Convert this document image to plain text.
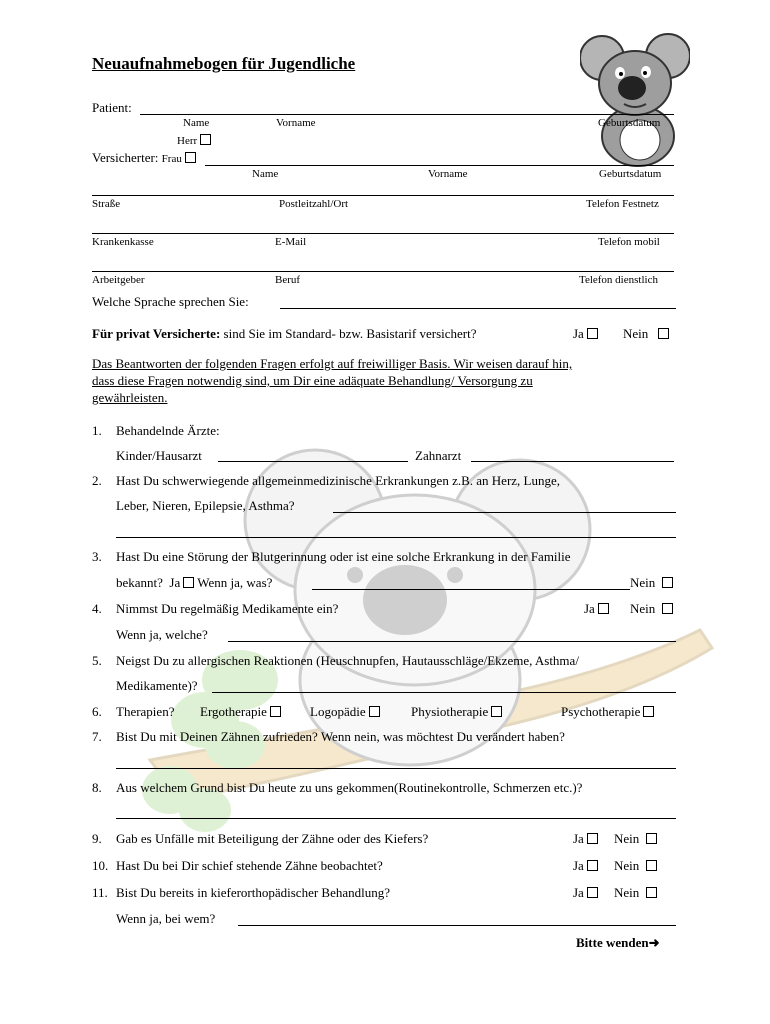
Neuaufnahmebogen für Jugendliche
Patient:
Name	Vorname	Geburtsdatum
Herr
Versicherter: Frau
Name	Vorname	Geburtsdatum
Straße	Postleitzahl/Ort	Telefon Festnetz
Krankenkasse	E-Mail	Telefon mobil
Arbeitgeber	Beruf	Telefon dienstlich
Welche Sprache sprechen Sie:
Für privat Versicherte: sind Sie im Standard- bzw. Basistarif versichert?	Ja	Nein
Das Beantworten der folgenden Fragen erfolgt auf freiwilliger Basis. Wir weisen darauf hin,
dass diese Fragen notwendig sind, um Dir eine adäquate Behandlung/ Versorgung zu
gewährleisten.
1. Behandelnde Ärzte:
Kinder/Hausarzt	Zahnarzt
2. Hast Du schwerwiegende allgemeinmedizinische Erkrankungen z.B. an Herz, Lunge,
Leber, Nieren, Epilepsie, Asthma?
3. Hast Du eine Störung der Blutgerinnung oder ist eine solche Erkrankung in der Familie
bekannt? Ja Wenn ja, was?	Nein
4. Nimmst Du regelmäßig Medikamente ein?	Ja	Nein
Wenn ja, welche?
5. Neigst Du zu allergischen Reaktionen (Heuschnupfen, Hautausschläge/Ekzeme, Asthma/
Medikamente)?
6. Therapien? Ergotherapie	Logopädie	Physiotherapie	Psychotherapie
7. Bist Du mit Deinen Zähnen zufrieden? Wenn nein, was möchtest Du verändert haben?
8. Aus welchem Grund bist Du heute zu uns gekommen(Routinekontrolle, Schmerzen etc.)?
9. Gab es Unfälle mit Beteiligung der Zähne oder des Kiefers?	Ja	Nein
10. Hast Du bei Dir schief stehende Zähne beobachtet?	Ja	Nein
11. Bist Du bereits in kieferorthopädischer Behandlung?	Ja	Nein
Wenn ja, bei wem?
Bitte wenden➜
